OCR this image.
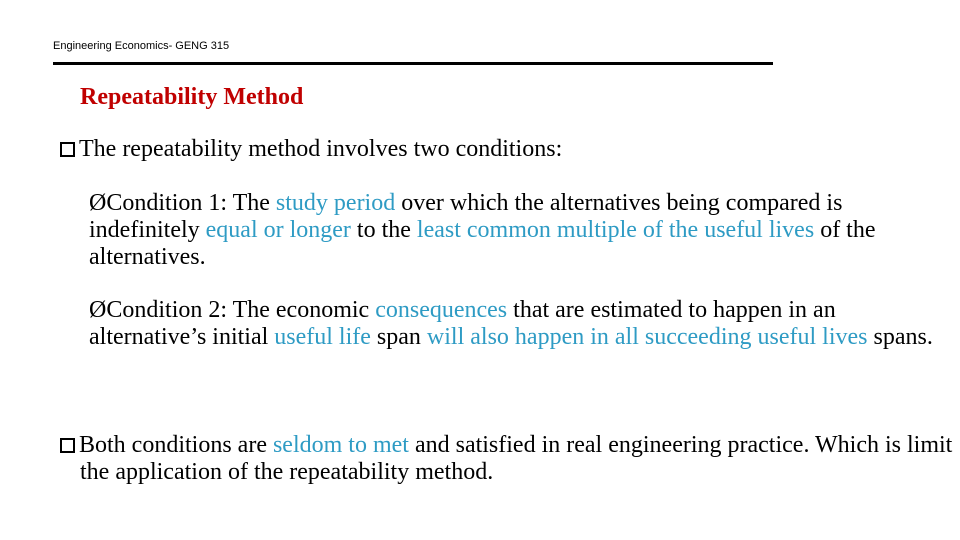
Engineering Economics- GENG 315
Repeatability Method
The repeatability method involves two conditions:
ØCondition 1: The study period over which the alternatives being compared is indefinitely equal or longer to the least common multiple of the useful lives of the alternatives.
ØCondition 2: The economic consequences that are estimated to happen in an alternative’s initial useful life span will also happen in all succeeding useful lives spans.
Both conditions are seldom to met and satisfied in real engineering practice. Which is limit the application of the repeatability method.
